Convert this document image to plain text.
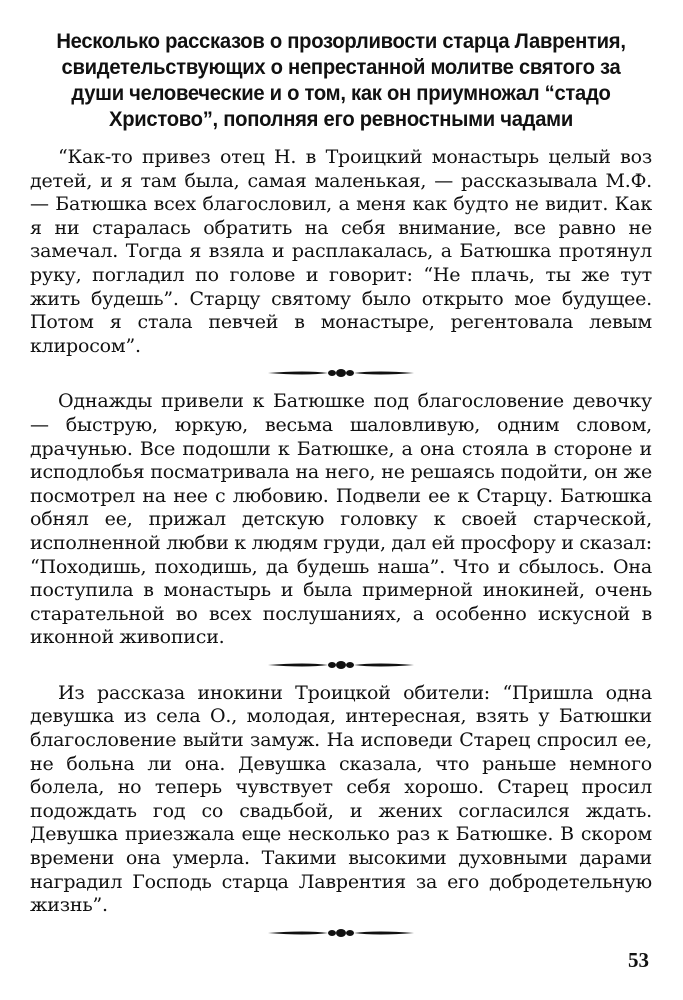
Несколько рассказов о прозорливости старца Лаврентия, свидетельствующих о непрестанной молитве святого за души человеческие и о том, как он приумножал “стадо Христово”, пополняя его ревностными чадами

“Как-то привез отец Н. в Троицкий монастырь целый воз детей, и я там была, самая маленькая, — рассказывала М.Ф. — Батюшка всех благословил, а меня как будто не видит. Как я ни старалась обратить на себя внимание, все равно не замечал. Тогда я взяла и расплакалась, а Батюшка протянул руку, погладил по голове и говорит: “Не плачь, ты же тут жить будешь”. Старцу святому было открыто мое будущее. Потом я стала певчей в монастыре, регентовала левым клиросом”.

Однажды привели к Батюшке под благословение девочку — быструю, юркую, весьма шаловливую, одним словом, драчунью. Все подошли к Батюшке, а она стояла в стороне и исподлобья посматривала на него, не решаясь подойти, он же посмотрел на нее с любовию. Подвели ее к Старцу. Батюшка обнял ее, прижал детскую головку к своей старческой, исполненной любви к людям груди, дал ей просфору и сказал: “Походишь, походишь, да будешь наша”. Что и сбылось. Она поступила в монастырь и была примерной инокиней, очень старательной во всех послушаниях, а особенно искусной в иконной живописи.

Из рассказа инокини Троицкой обители: “Пришла одна девушка из села О., молодая, интересная, взять у Батюшки благословение выйти замуж. На исповеди Старец спросил ее, не больна ли она. Девушка сказала, что раньше немного болела, но теперь чувствует себя хорошо. Старец просил подождать год со свадьбой, и жених согласился ждать. Девушка приезжала еще несколько раз к Батюшке. В скором времени она умерла. Такими высокими духовными дарами наградил Господь старца Лаврентия за его добродетельную жизнь”.

53
